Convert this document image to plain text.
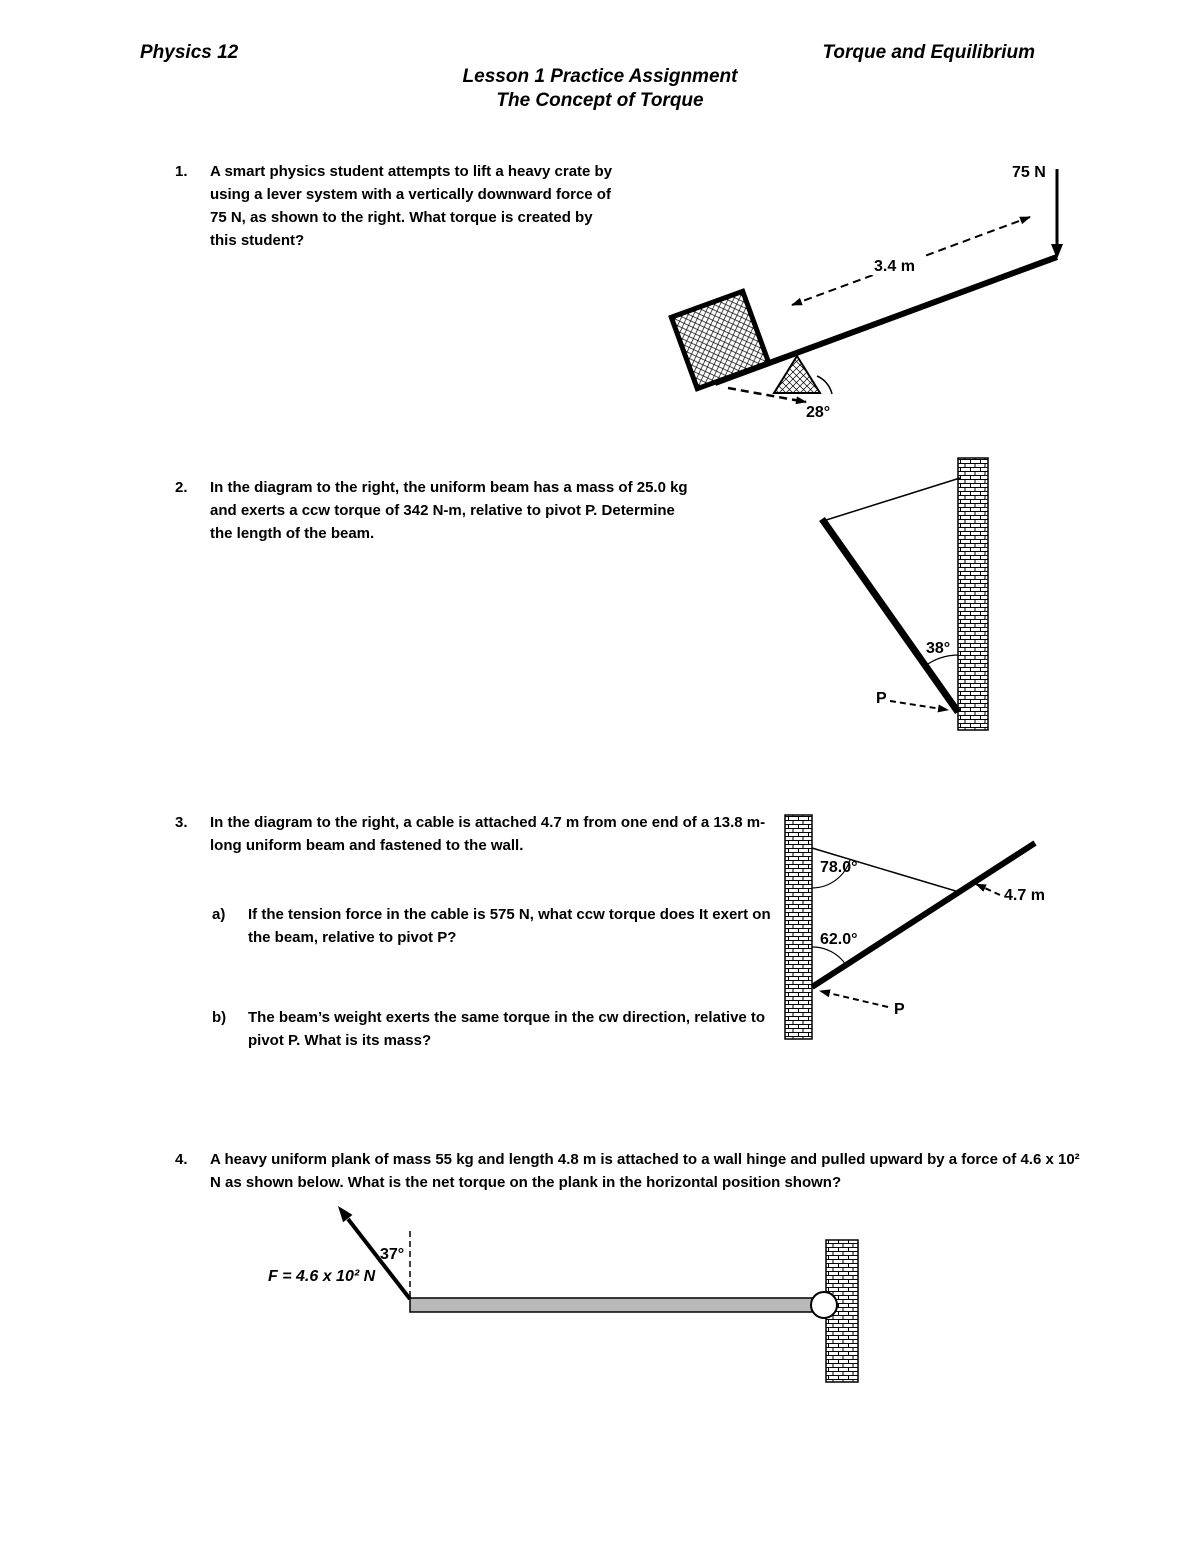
Physics 12	Torque and Equilibrium
Lesson 1 Practice Assignment
The Concept of Torque
1. A smart physics student attempts to lift a heavy crate by using a lever system with a vertically downward force of 75 N, as shown to the right. What torque is created by this student?
75 N
3.4 m
28°
2. In the diagram to the right, the uniform beam has a mass of 25.0 kg and exerts a ccw torque of 342 N-m, relative to pivot P. Determine the length of the beam.
38°
P
3. In the diagram to the right, a cable is attached 4.7 m from one end of a 13.8 m-long uniform beam and fastened to the wall.
a) If the tension force in the cable is 575 N, what ccw torque does It exert on the beam, relative to pivot P?
b) The beam’s weight exerts the same torque in the cw direction, relative to pivot P. What is its mass?
78.0°
62.0°
4.7 m
P
4. A heavy uniform plank of mass 55 kg and length 4.8 m is attached to a wall hinge and pulled upward by a force of 4.6 x 10² N as shown below. What is the net torque on the plank in the horizontal position shown?
37°
F = 4.6 x 10² N
